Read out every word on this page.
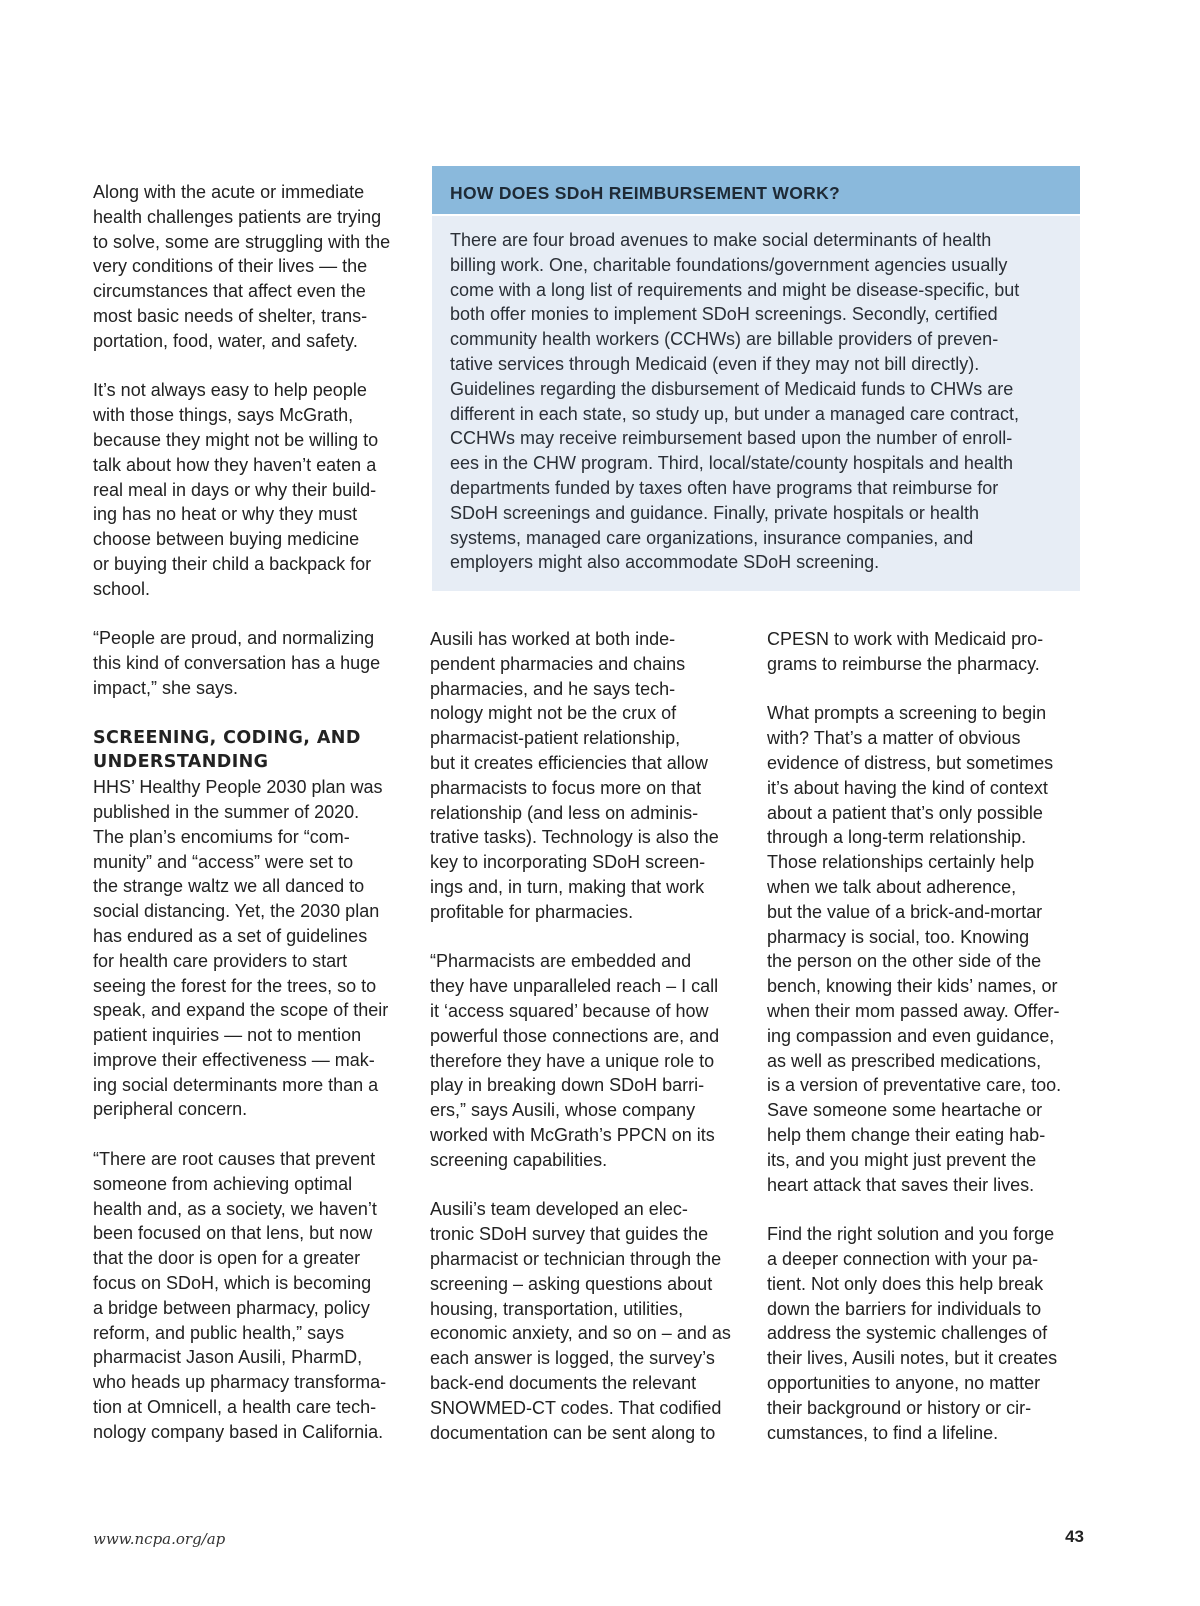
Along with the acute or immediate
health challenges patients are trying
to solve, some are struggling with the
very conditions of their lives — the
circumstances that affect even the
most basic needs of shelter, trans-
portation, food, water, and safety.

It’s not always easy to help people
with those things, says McGrath,
because they might not be willing to
talk about how they haven’t eaten a
real meal in days or why their build-
ing has no heat or why they must
choose between buying medicine
or buying their child a backpack for
school.

“People are proud, and normalizing
this kind of conversation has a huge
impact,” she says.

SCREENING, CODING, AND
UNDERSTANDING
HHS’ Healthy People 2030 plan was
published in the summer of 2020.
The plan’s encomiums for “com-
munity” and “access” were set to
the strange waltz we all danced to
social distancing. Yet, the 2030 plan
has endured as a set of guidelines
for health care providers to start
seeing the forest for the trees, so to
speak, and expand the scope of their
patient inquiries — not to mention
improve their effectiveness — mak-
ing social determinants more than a
peripheral concern.

“There are root causes that prevent
someone from achieving optimal
health and, as a society, we haven’t
been focused on that lens, but now
that the door is open for a greater
focus on SDoH, which is becoming
a bridge between pharmacy, policy
reform, and public health,” says
pharmacist Jason Ausili, PharmD,
who heads up pharmacy transforma-
tion at Omnicell, a health care tech-
nology company based in California.

HOW DOES SDoH REIMBURSEMENT WORK?
There are four broad avenues to make social determinants of health
billing work. One, charitable foundations/government agencies usually
come with a long list of requirements and might be disease-specific, but
both offer monies to implement SDoH screenings. Secondly, certified
community health workers (CCHWs) are billable providers of preven-
tative services through Medicaid (even if they may not bill directly).
Guidelines regarding the disbursement of Medicaid funds to CHWs are
different in each state, so study up, but under a managed care contract,
CCHWs may receive reimbursement based upon the number of enroll-
ees in the CHW program. Third, local/state/county hospitals and health
departments funded by taxes often have programs that reimburse for
SDoH screenings and guidance. Finally, private hospitals or health
systems, managed care organizations, insurance companies, and
employers might also accommodate SDoH screening.

Ausili has worked at both inde-
pendent pharmacies and chains
pharmacies, and he says tech-
nology might not be the crux of
pharmacist-patient relationship,
but it creates efficiencies that allow
pharmacists to focus more on that
relationship (and less on adminis-
trative tasks). Technology is also the
key to incorporating SDoH screen-
ings and, in turn, making that work
profitable for pharmacies.

“Pharmacists are embedded and
they have unparalleled reach – I call
it ‘access squared’ because of how
powerful those connections are, and
therefore they have a unique role to
play in breaking down SDoH barri-
ers,” says Ausili, whose company
worked with McGrath’s PPCN on its
screening capabilities.

Ausili’s team developed an elec-
tronic SDoH survey that guides the
pharmacist or technician through the
screening – asking questions about
housing, transportation, utilities,
economic anxiety, and so on – and as
each answer is logged, the survey’s
back-end documents the relevant
SNOWMED-CT codes. That codified
documentation can be sent along to

CPESN to work with Medicaid pro-
grams to reimburse the pharmacy.

What prompts a screening to begin
with? That’s a matter of obvious
evidence of distress, but sometimes
it’s about having the kind of context
about a patient that’s only possible
through a long-term relationship.
Those relationships certainly help
when we talk about adherence,
but the value of a brick-and-mortar
pharmacy is social, too. Knowing
the person on the other side of the
bench, knowing their kids’ names, or
when their mom passed away. Offer-
ing compassion and even guidance,
as well as prescribed medications,
is a version of preventative care, too.
Save someone some heartache or
help them change their eating hab-
its, and you might just prevent the
heart attack that saves their lives.

Find the right solution and you forge
a deeper connection with your pa-
tient. Not only does this help break
down the barriers for individuals to
address the systemic challenges of
their lives, Ausili notes, but it creates
opportunities to anyone, no matter
their background or history or cir-
cumstances, to find a lifeline.

www.ncpa.org/ap	43
